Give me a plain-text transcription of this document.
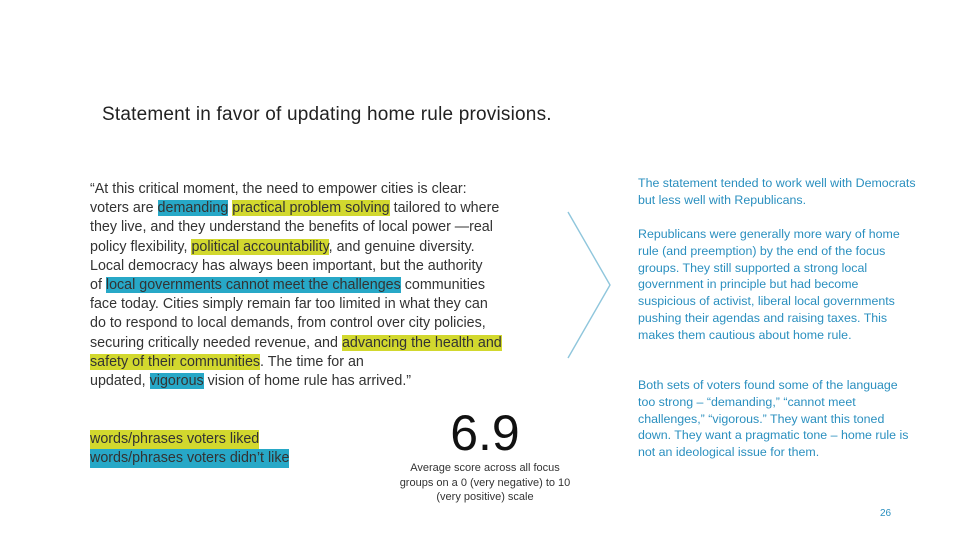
Statement in favor of updating home rule provisions.
“At this critical moment, the need to empower cities is clear:
voters are demanding practical problem solving tailored to where
they live, and they understand the benefits of local power —real
policy flexibility, political accountability, and genuine diversity.
Local democracy has always been important, but the authority
of local governments cannot meet the challenges communities
face today. Cities simply remain far too limited in what they can
do to respond to local demands, from control over city policies,
securing critically needed revenue, and advancing the health and
safety of their communities. The time for an
updated, vigorous vision of home rule has arrived.”
words/phrases voters liked
words/phrases voters didn’t like	6.9
Average score across all focus
groups on a 0 (very negative) to 10
(very positive) scale
The statement tended to work well with Democrats but less well with Republicans.
Republicans were generally more wary of home rule (and preemption) by the end of the focus groups. They still supported a strong local government in principle but had become suspicious of activist, liberal local governments pushing their agendas and raising taxes. This makes them cautious about home rule.
Both sets of voters found some of the language too strong – “demanding,” “cannot meet challenges,” “vigorous.” They want this toned down. They want a pragmatic tone – home rule is not an ideological issue for them.
26
